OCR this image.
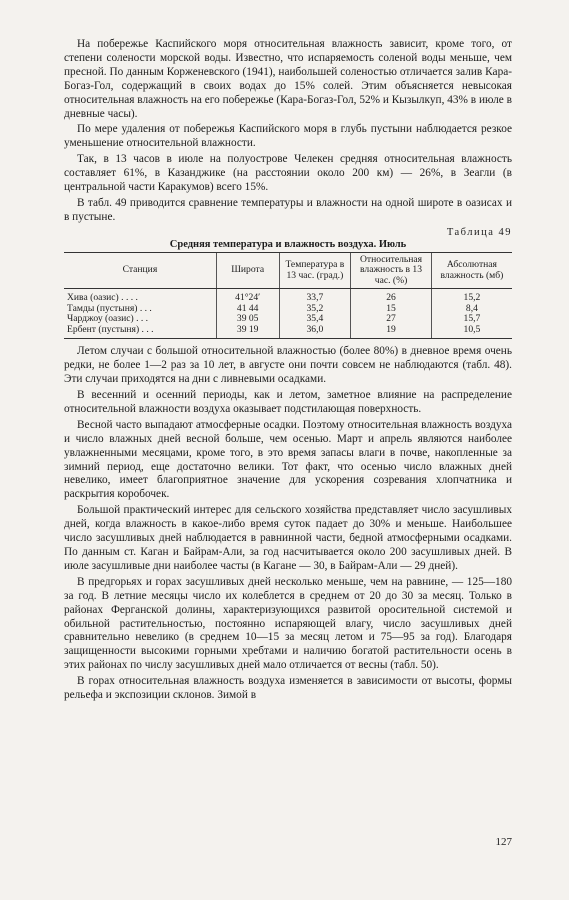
На побережье Каспийского моря относительная влажность зависит, кроме того, от степени солености морской воды. Известно, что испаряемость соленой воды меньше, чем пресной. По данным Корженевского (1941), наибольшей соленостью отличается залив Кара-Богаз-Гол, содержащий в своих водах до 15% солей. Этим объясняется невысокая относительная влажность на его побережье (Кара-Богаз-Гол, 52% и Кызылкуп, 43% в июле в дневные часы).

По мере удаления от побережья Каспийского моря в глубь пустыни наблюдается резкое уменьшение относительной влажности.

Так, в 13 часов в июле на полуострове Челекен средняя относительная влажность составляет 61%, в Казанджике (на расстоянии около 200 км) — 26%, в Зеагли (в центральной части Каракумов) всего 15%.

В табл. 49 приводится сравнение температуры и влажности на одной широте в оазисах и в пустыне.

Таблица 49
Средняя температура и влажность воздуха. Июль
Станция	Широта	Температура в 13 час. (град.)	Относительная влажность в 13 час. (%)	Абсолютная влажность (мб)
Хива (оазис) . . . .	41°24′	33,7	26	15,2
Тамды (пустыня) . . .	41 44	35,2	15	8,4
Чарджоу (оазис) . . .	39 05	35,4	27	15,7
Ербент (пустыня) . . .	39 19	36,0	19	10,5

Летом случаи с большой относительной влажностью (более 80%) в дневное время очень редки, не более 1—2 раз за 10 лет, в августе они почти совсем не наблюдаются (табл. 48). Эти случаи приходятся на дни с ливневыми осадками.

В весенний и осенний периоды, как и летом, заметное влияние на распределение относительной влажности воздуха оказывает подстилающая поверхность.

Весной часто выпадают атмосферные осадки. Поэтому относительная влажность воздуха и число влажных дней весной больше, чем осенью. Март и апрель являются наиболее увлажненными месяцами, кроме того, в это время запасы влаги в почве, накопленные за зимний период, еще достаточно велики. Тот факт, что осенью число влажных дней невелико, имеет благоприятное значение для ускорения созревания хлопчатника и раскрытия коробочек.

Большой практический интерес для сельского хозяйства представляет число засушливых дней, когда влажность в какое-либо время суток падает до 30% и меньше. Наибольшее число засушливых дней наблюдается в равнинной части, бедной атмосферными осадками. По данным ст. Каган и Байрам-Али, за год насчитывается около 200 засушливых дней. В июле засушливые дни наиболее часты (в Кагане — 30, в Байрам-Али — 29 дней).

В предгорьях и горах засушливых дней несколько меньше, чем на равнине, — 125—180 за год. В летние месяцы число их колеблется в среднем от 20 до 30 за месяц. Только в районах Ферганской долины, характеризующихся развитой оросительной системой и обильной растительностью, постоянно испаряющей влагу, число засушливых дней сравнительно невелико (в среднем 10—15 за месяц летом и 75—95 за год). Благодаря защищенности высокими горными хребтами и наличию богатой растительности осень в этих районах по числу засушливых дней мало отличается от весны (табл. 50).

В горах относительная влажность воздуха изменяется в зависимости от высоты, формы рельефа и экспозиции склонов. Зимой в

127
